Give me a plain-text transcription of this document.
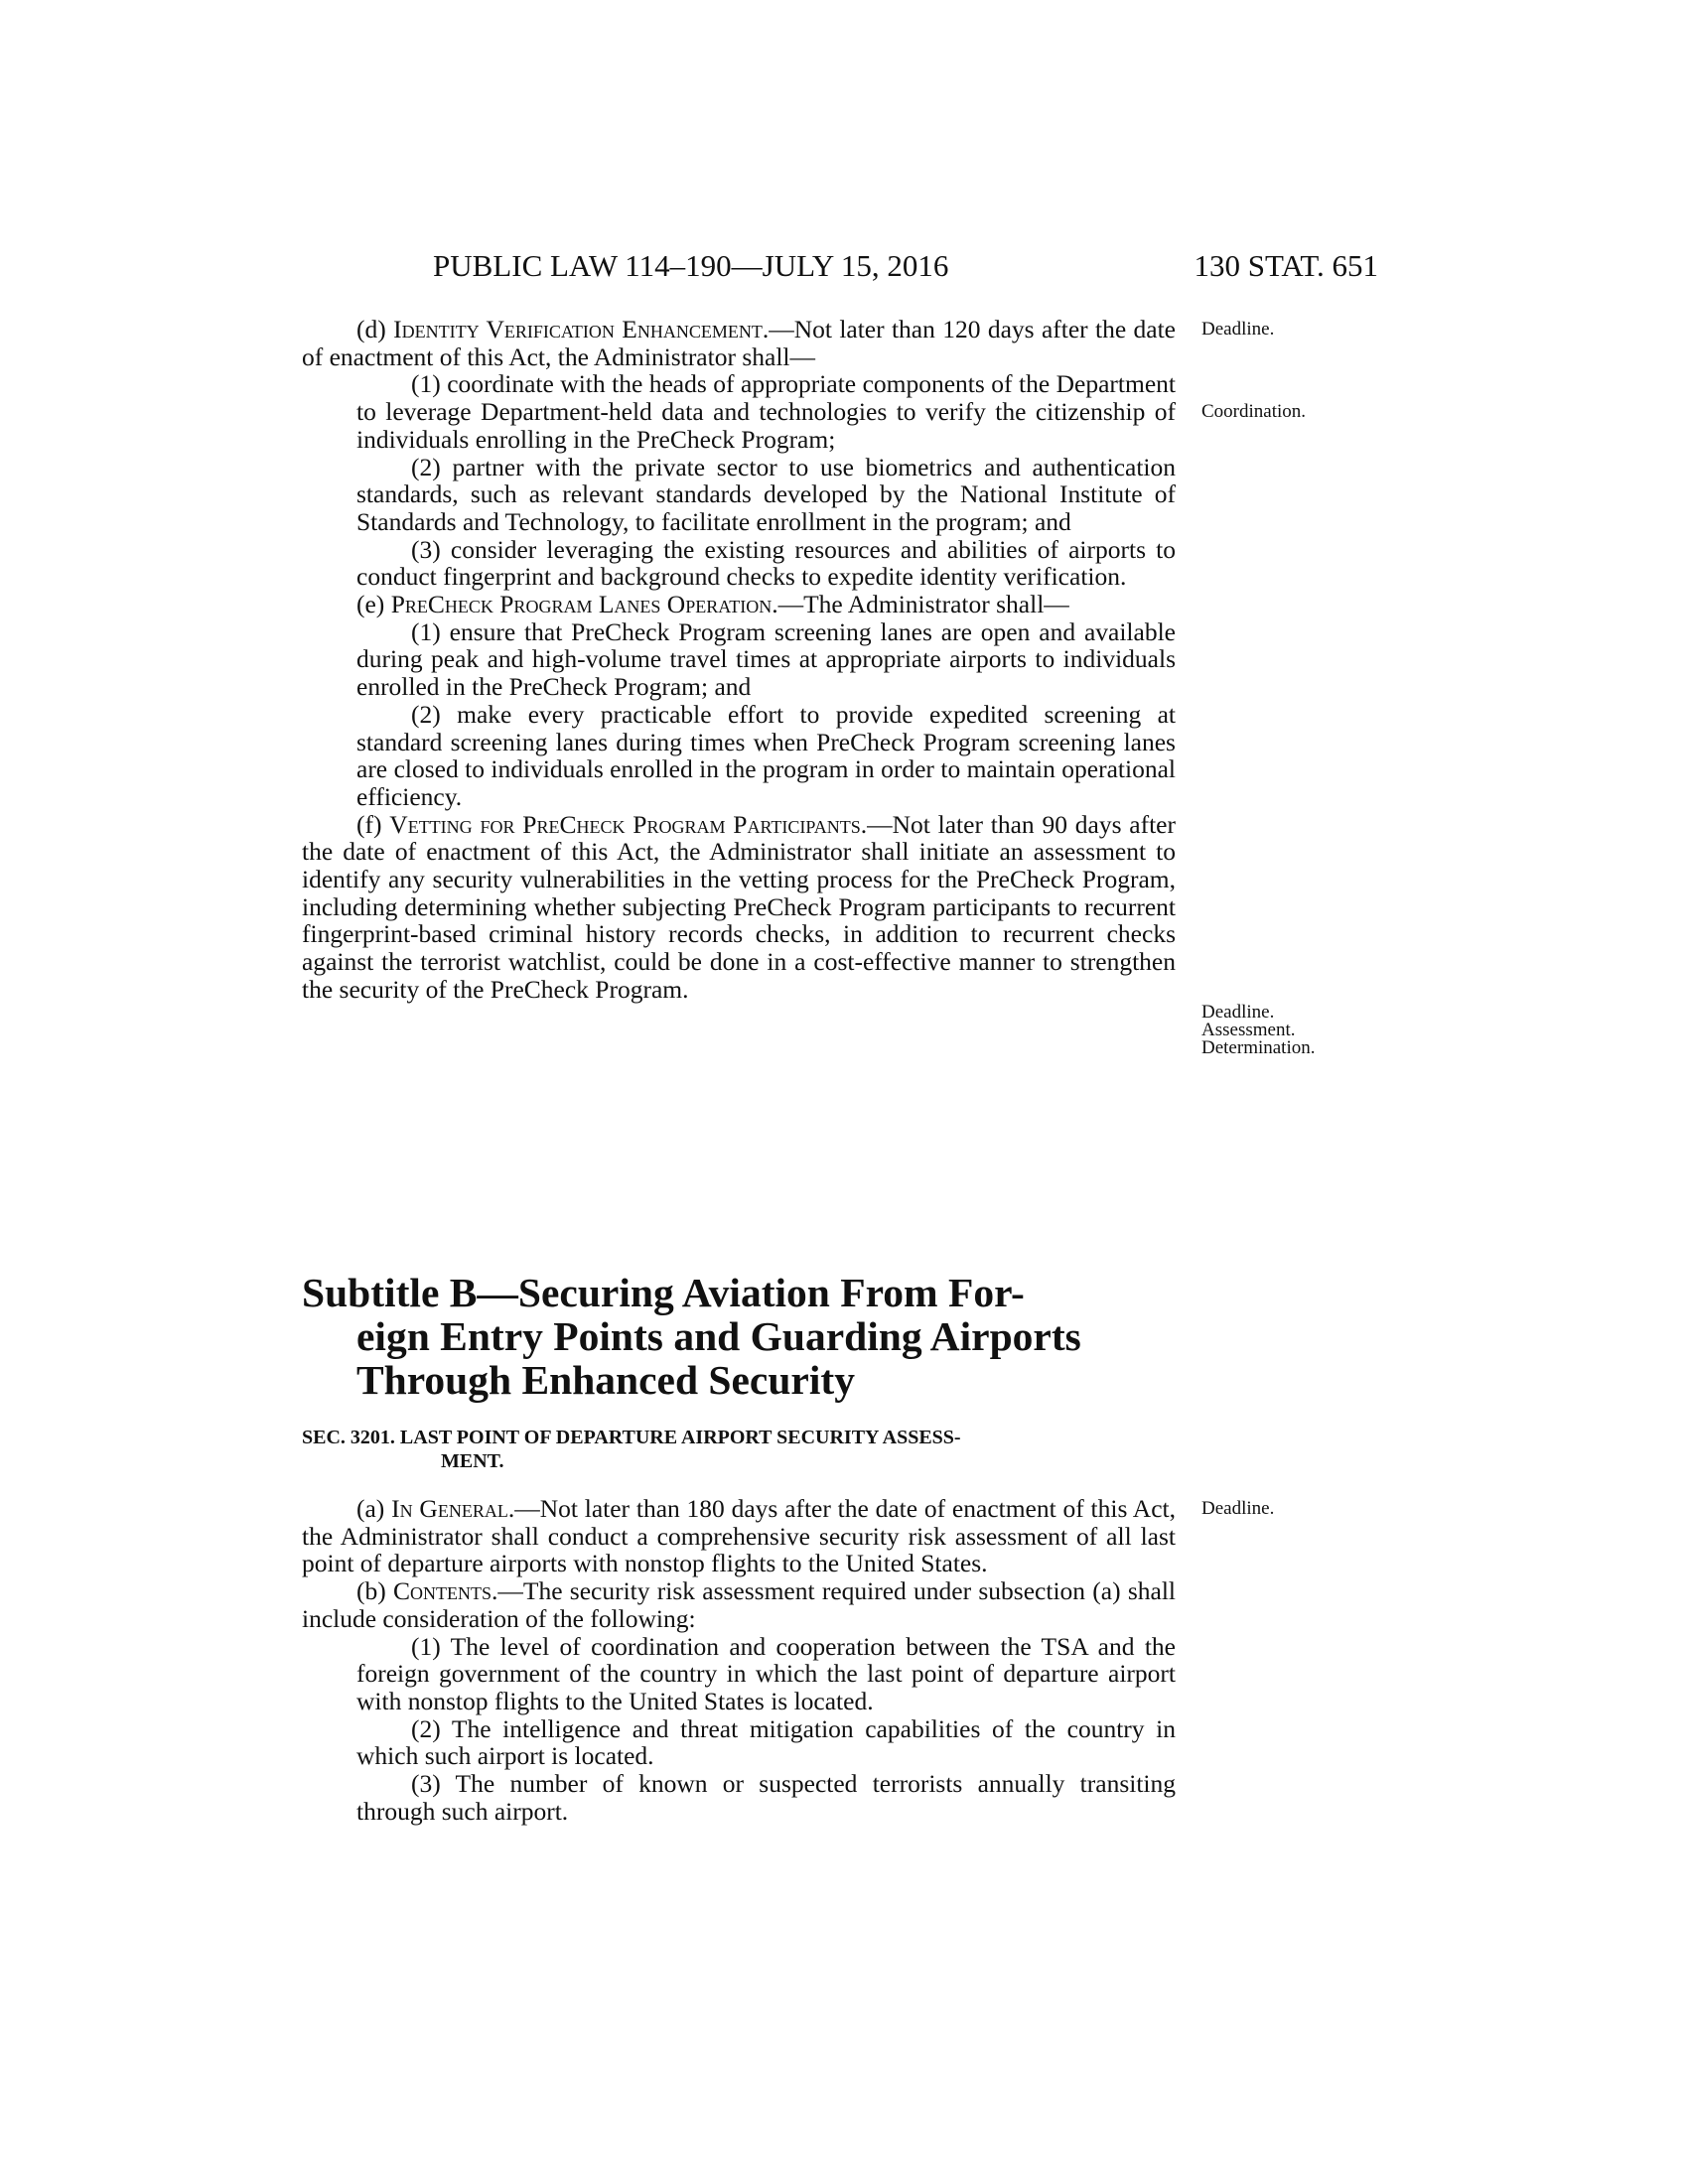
PUBLIC LAW 114–190—JULY 15, 2016	130 STAT. 651
Deadline.
Coordination.
Deadline.
Assessment.
Determination.
Deadline.

(d) Identity Verification Enhancement.—Not later than 120 days after the date of enactment of this Act, the Administrator shall—

(1) coordinate with the heads of appropriate components of the Department to leverage Department-held data and technologies to verify the citizenship of individuals enrolling in the PreCheck Program;

(2) partner with the private sector to use biometrics and authentication standards, such as relevant standards developed by the National Institute of Standards and Technology, to facilitate enrollment in the program; and

(3) consider leveraging the existing resources and abilities of airports to conduct fingerprint and background checks to expedite identity verification.

(e) PreCheck Program Lanes Operation.—The Administrator shall—

(1) ensure that PreCheck Program screening lanes are open and available during peak and high-volume travel times at appropriate airports to individuals enrolled in the PreCheck Program; and

(2) make every practicable effort to provide expedited screening at standard screening lanes during times when PreCheck Program screening lanes are closed to individuals enrolled in the program in order to maintain operational efficiency.

(f) Vetting for PreCheck Program Participants.—Not later than 90 days after the date of enactment of this Act, the Administrator shall initiate an assessment to identify any security vulnerabilities in the vetting process for the PreCheck Program, including determining whether subjecting PreCheck Program participants to recurrent fingerprint-based criminal history records checks, in addition to recurrent checks against the terrorist watchlist, could be done in a cost-effective manner to strengthen the security of the PreCheck Program.

Subtitle B—Securing Aviation From For-
eign Entry Points and Guarding Airports
Through Enhanced Security
SEC. 3201. LAST POINT OF DEPARTURE AIRPORT SECURITY ASSESS-
MENT.

(a) In General.—Not later than 180 days after the date of enactment of this Act, the Administrator shall conduct a comprehensive security risk assessment of all last point of departure airports with nonstop flights to the United States.

(b) Contents.—The security risk assessment required under subsection (a) shall include consideration of the following:

(1) The level of coordination and cooperation between the TSA and the foreign government of the country in which the last point of departure airport with nonstop flights to the United States is located.

(2) The intelligence and threat mitigation capabilities of the country in which such airport is located.

(3) The number of known or suspected terrorists annually transiting through such airport.
